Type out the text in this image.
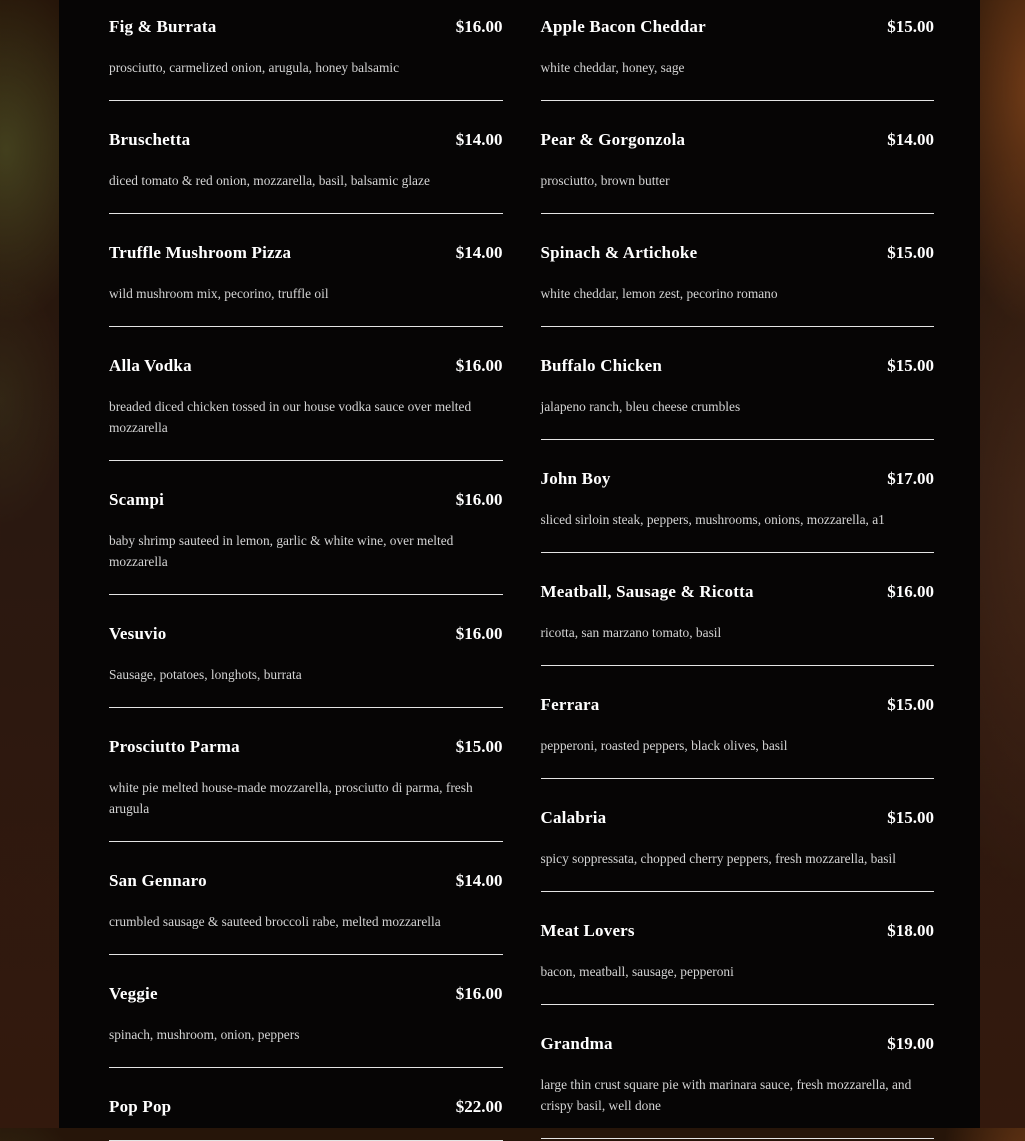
Fig & Burrata	$16.00

prosciutto, carmelized onion, arugula, honey balsamic

Bruschetta	$14.00

diced tomato & red onion, mozzarella, basil, balsamic glaze

Truffle Mushroom Pizza	$14.00

wild mushroom mix, pecorino, truffle oil

Alla Vodka	$16.00

breaded diced chicken tossed in our house vodka sauce over melted mozzarella

Scampi	$16.00

baby shrimp sauteed in lemon, garlic & white wine, over melted mozzarella

Vesuvio	$16.00

Sausage, potatoes, longhots, burrata

Prosciutto Parma	$15.00

white pie melted house-made mozzarella, prosciutto di parma, fresh arugula

San Gennaro	$14.00

crumbled sausage & sauteed broccoli rabe, melted mozzarella

Veggie	$16.00

spinach, mushroom, onion, peppers

Pop Pop	$22.00
Apple Bacon Cheddar	$15.00

white cheddar, honey, sage

Pear & Gorgonzola	$14.00

prosciutto, brown butter

Spinach & Artichoke	$15.00

white cheddar, lemon zest, pecorino romano

Buffalo Chicken	$15.00

jalapeno ranch, bleu cheese crumbles

John Boy	$17.00

sliced sirloin steak, peppers, mushrooms, onions, mozzarella, a1

Meatball, Sausage & Ricotta	$16.00

ricotta, san marzano tomato, basil

Ferrara	$15.00

pepperoni, roasted peppers, black olives, basil

Calabria	$15.00

spicy soppressata, chopped cherry peppers, fresh mozzarella, basil

Meat Lovers	$18.00

bacon, meatball, sausage, pepperoni

Grandma	$19.00

large thin crust square pie with marinara sauce, fresh mozzarella, and crispy basil, well done
